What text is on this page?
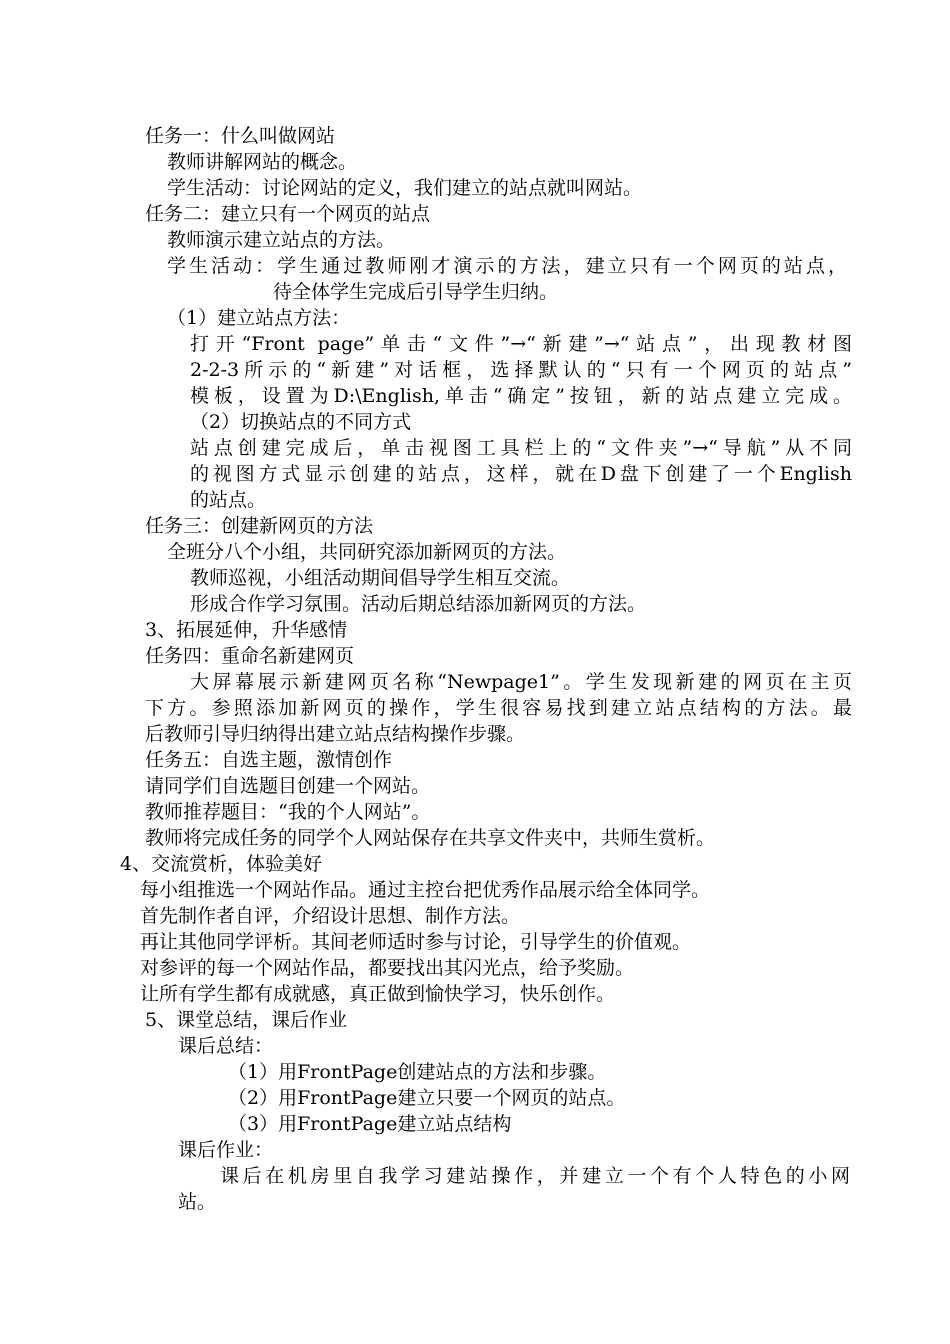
任务一：什么叫做网站

教师讲解网站的概念。

学生活动：讨论网站的定义，我们建立的站点就叫网站。

任务二：建立只有一个网页的站点

教师演示建立站点的方法。

学生活动：学生通过教师刚才演示的方法，建立只有一个网页的站点，

待全体学生完成后引导学生归纳。

（1）建立站点方法：

打开“Front page”单击“文件”→“新建”→“站点”，出现教材图

2-2-3所示的“新建”对话框，选择默认的“只有一个网页的站点”

模板，设置为D:\English,单击“确定”按钮，新的站点建立完成。

（2）切换站点的不同方式

站点创建完成后，单击视图工具栏上的“文件夹”→“导航”从不同

的视图方式显示创建的站点，这样，就在D盘下创建了一个English

的站点。

任务三：创建新网页的方法

全班分八个小组，共同研究添加新网页的方法。

教师巡视，小组活动期间倡导学生相互交流。

形成合作学习氛围。活动后期总结添加新网页的方法。

3、拓展延伸，升华感情

任务四：重命名新建网页

大屏幕展示新建网页名称“Newpage1”。学生发现新建的网页在主页

下方。参照添加新网页的操作，学生很容易找到建立站点结构的方法。最

后教师引导归纳得出建立站点结构操作步骤。

任务五：自选主题，激情创作

请同学们自选题目创建一个网站。

教师推荐题目：“我的个人网站”。

教师将完成任务的同学个人网站保存在共享文件夹中，共师生赏析。

4、交流赏析，体验美好

每小组推选一个网站作品。通过主控台把优秀作品展示给全体同学。

首先制作者自评，介绍设计思想、制作方法。

再让其他同学评析。其间老师适时参与讨论，引导学生的价值观。

对参评的每一个网站作品，都要找出其闪光点，给予奖励。

让所有学生都有成就感，真正做到愉快学习，快乐创作。

5、课堂总结，课后作业

课后总结：

（1）用FrontPage创建站点的方法和步骤。

（2）用FrontPage建立只要一个网页的站点。

（3）用FrontPage建立站点结构

课后作业：

课后在机房里自我学习建站操作，并建立一个有个人特色的小网

站。
